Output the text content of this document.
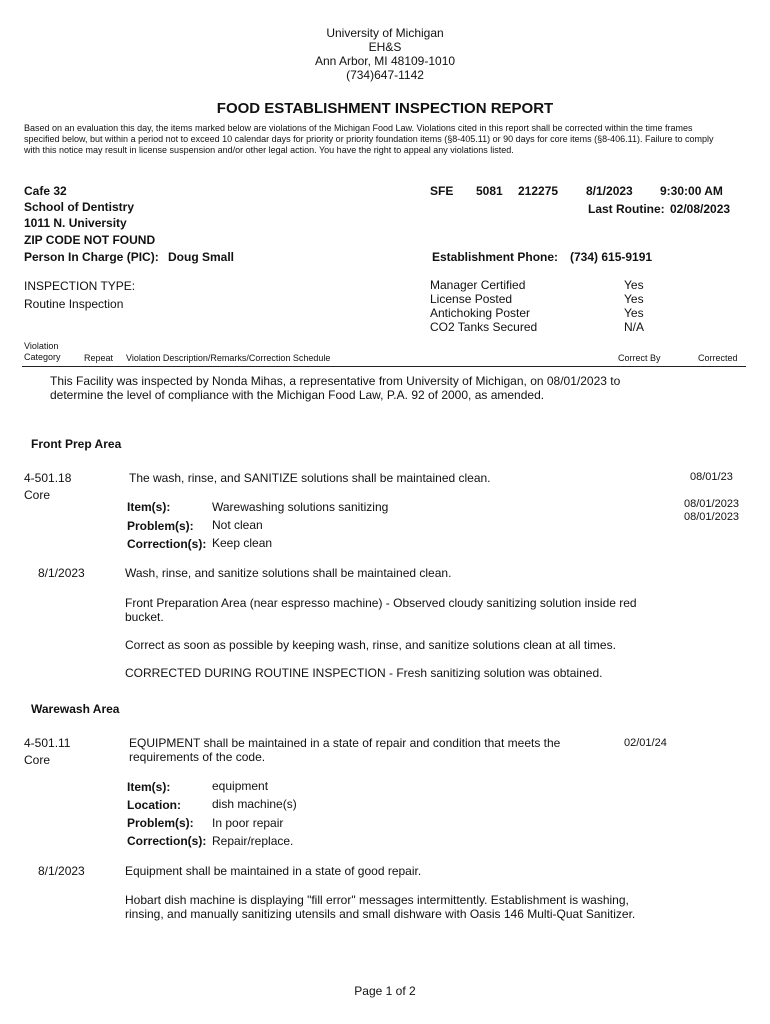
University of Michigan
EH&S
Ann Arbor, MI 48109-1010
(734)647-1142
FOOD ESTABLISHMENT INSPECTION REPORT
Based on an evaluation this day, the items marked below are violations of the Michigan Food Law. Violations cited in this report shall be corrected within the time frames specified below, but within a period not to exceed 10 calendar days for priority or priority foundation items (§8-405.11) or 90 days for core items (§8-406.11). Failure to comply with this notice may result in license suspension and/or other legal action. You have the right to appeal any violations listed.
Cafe 32
School of Dentistry
1011 N. University
ZIP CODE NOT FOUND
Person In Charge (PIC): Doug Small
SFE 5081 212275 8/1/2023 9:30:00 AM
Last Routine: 02/08/2023
Establishment Phone: (734) 615-9191
INSPECTION TYPE:
Routine Inspection
Manager Certified	Yes
License Posted	Yes
Antichoking Poster	Yes
CO2 Tanks Secured	N/A
Violation
Category	Repeat Violation Description/Remarks/Correction Schedule	Correct By	Corrected
This Facility was inspected by Nonda Mihas, a representative from University of Michigan, on 08/01/2023 to determine the level of compliance with the Michigan Food Law, P.A. 92 of 2000, as amended.
Front Prep Area
4-501.18
Core
The wash, rinse, and SANITIZE solutions shall be maintained clean.	08/01/23
Item(s):	Warewashing solutions sanitizing
Problem(s): Not clean
Correction(s): Keep clean
08/01/2023
08/01/2023
8/1/2023	Wash, rinse, and sanitize solutions shall be maintained clean.
Front Preparation Area (near espresso machine) - Observed cloudy sanitizing solution inside red bucket.
Correct as soon as possible by keeping wash, rinse, and sanitize solutions clean at all times.
CORRECTED DURING ROUTINE INSPECTION - Fresh sanitizing solution was obtained.
Warewash Area
4-501.11
Core
EQUIPMENT shall be maintained in a state of repair and condition that meets the requirements of the code.
02/01/24
Item(s):	equipment
Location:	dish machine(s)
Problem(s): In poor repair
Correction(s): Repair/replace.
8/1/2023	Equipment shall be maintained in a state of good repair.
Hobart dish machine is displaying "fill error" messages intermittently. Establishment is washing, rinsing, and manually sanitizing utensils and small dishware with Oasis 146 Multi-Quat Sanitizer.
Page 1 of 2
